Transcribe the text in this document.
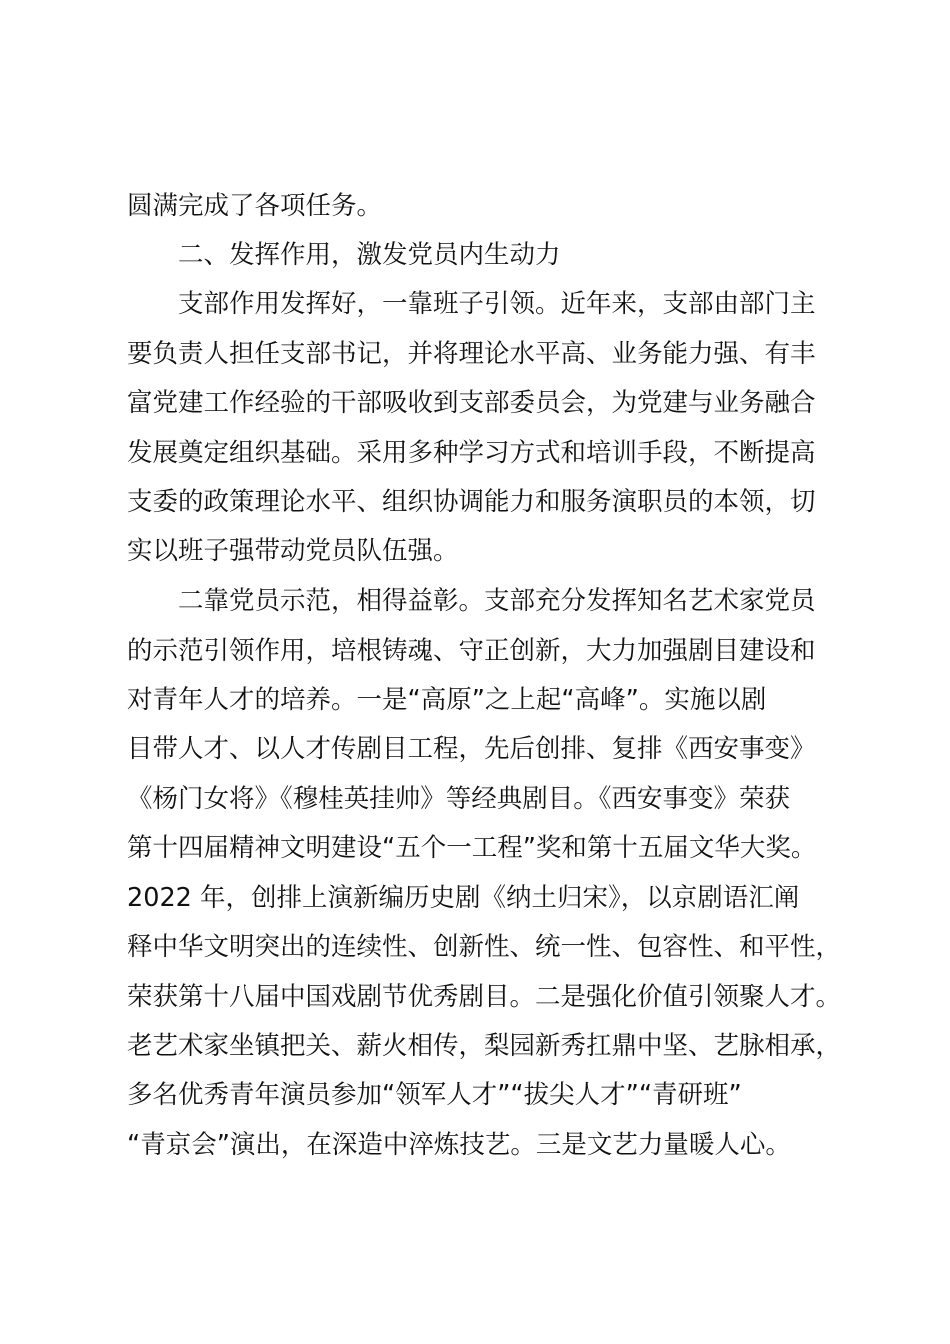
圆满完成了各项任务。
二、发挥作用，激发党员内生动力
支部作用发挥好，一靠班子引领。近年来，支部由部门主
要负责人担任支部书记，并将理论水平高、业务能力强、有丰
富党建工作经验的干部吸收到支部委员会，为党建与业务融合
发展奠定组织基础。采用多种学习方式和培训手段，不断提高
支委的政策理论水平、组织协调能力和服务演职员的本领，切
实以班子强带动党员队伍强。
二靠党员示范，相得益彰。支部充分发挥知名艺术家党员
的示范引领作用，培根铸魂、守正创新，大力加强剧目建设和
对青年人才的培养。一是“高原”之上起“高峰”。实施以剧
目带人才、以人才传剧目工程，先后创排、复排《西安事变》
《杨门女将》《穆桂英挂帅》等经典剧目。《西安事变》荣获
第十四届精神文明建设“五个一工程”奖和第十五届文华大奖。
2022 年，创排上演新编历史剧《纳土归宋》，以京剧语汇阐
释中华文明突出的连续性、创新性、统一性、包容性、和平性，
荣获第十八届中国戏剧节优秀剧目。二是强化价值引领聚人才。
老艺术家坐镇把关、薪火相传，梨园新秀扛鼎中坚、艺脉相承，
多名优秀青年演员参加“领军人才”“拔尖人才”“青研班”
“青京会”演出，在深造中淬炼技艺。三是文艺力量暖人心。
